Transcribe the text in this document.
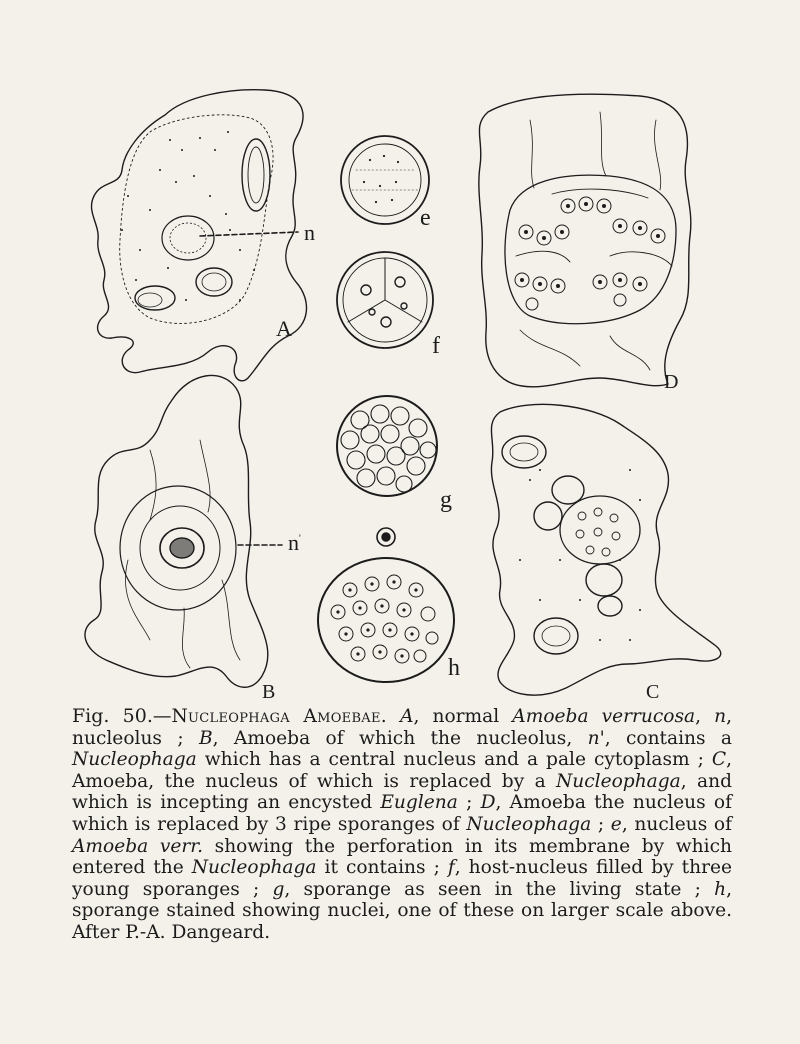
A
B	C
D
e
f
g
h
n
n'
Fig. 50.—Nucleophaga Amoebae. A, normal Amoeba verrucosa, n, nucleolus ; B, Amoeba of which the nucleolus, n', contains a Nucleophaga which has a central nucleus and a pale cytoplasm ; C, Amoeba, the nucleus of which is replaced by a Nucleophaga, and which is incepting an encysted Euglena ; D, Amoeba the nucleus of which is replaced by 3 ripe sporanges of Nucleophaga ; e, nucleus of Amoeba verr. showing the perforation in its membrane by which entered the Nucleophaga it contains ; f, host-nucleus filled by three young sporanges ; g, sporange as seen in the living state ; h, sporange stained showing nuclei, one of these on larger scale above. After P.-A. Dangeard.
